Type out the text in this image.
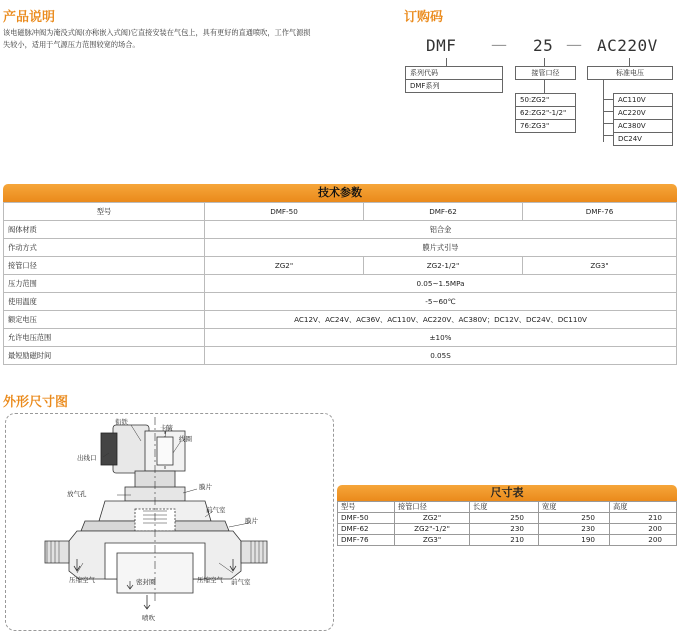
产品说明
该电磁脉冲阀为淹没式阀(亦称嵌入式阀)它直接安装在气包上，具有更好的直通喷吹，工作气源损
失较小，适用于气源压力范围较宽的场合。
订购码
DMF — 25 — AC220V
系列代码
DMF系列
接管口径
50:ZG2"
62:ZG2"-1/2"
76:ZG3"
标准电压
AC110V
AC220V
AC380V
DC24V
技术参数
型号	DMF-50	DMF-62	DMF-76
阀体材质	铝合金		
作动方式	膜片式引导		
接管口径	ZG2"	ZG2-1/2"	ZG3"
压力范围	0.05~1.5MPa		
使用温度	-5~60℃		
额定电压	AC12V、AC24V、AC36V、AC110V、AC220V、AC380V；DC12V、DC24V、DC110V		
允许电压范围	±10%		
最短励磁时间	0.05S		
外形尺寸图
衔铁
卡簧
线圈
出线口
放气孔
膜片
前气室
膜片
压缩空气	密封圈	压缩空气 前气室
喷吹
尺寸表
型号	接管口径	长度	宽度	高度
DMF-50	ZG2"	250	250	210
DMF-62	ZG2"-1/2"	230	230	200
DMF-76	ZG3"	210	190	200
